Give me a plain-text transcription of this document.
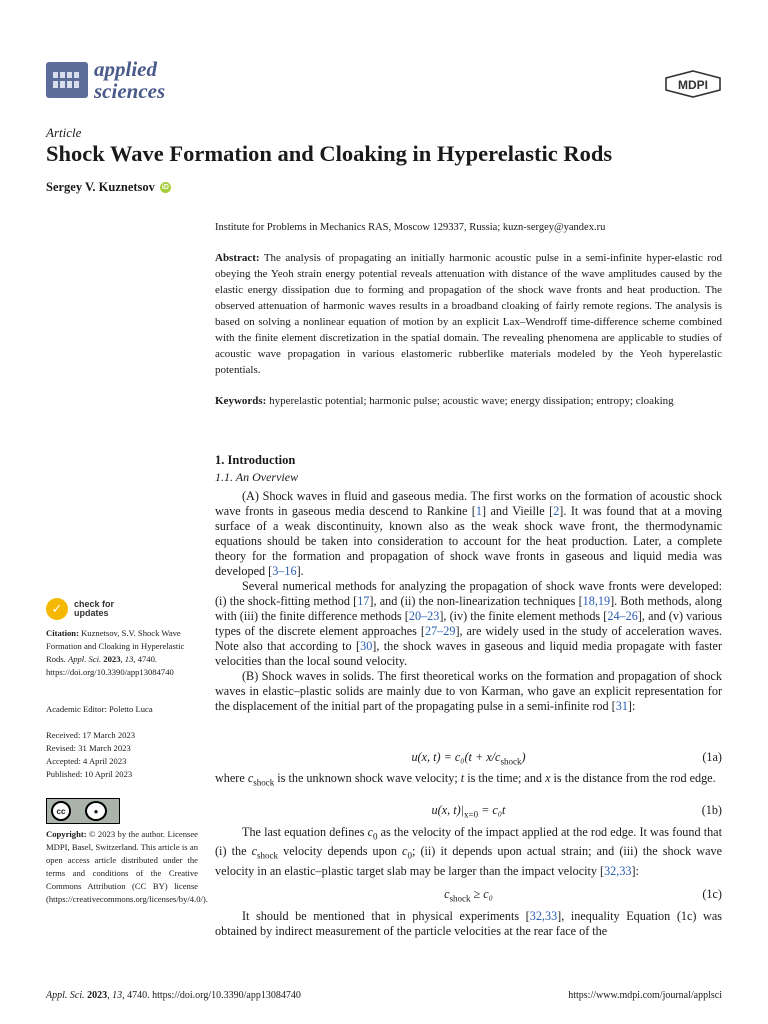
applied
sciences	MDPI
Article
Shock Wave Formation and Cloaking in Hyperelastic Rods
Sergey V. Kuznetsov iD
Institute for Problems in Mechanics RAS, Moscow 129337, Russia; kuzn-sergey@yandex.ru
Abstract: The analysis of propagating an initially harmonic acoustic pulse in a semi-infinite hyper-elastic rod obeying the Yeoh strain energy potential reveals attenuation with distance of the wave amplitudes caused by the elastic energy dissipation due to forming and propagation of the shock wave fronts and heat production. The observed attenuation of harmonic waves results in a broadband cloaking of fairly remote regions. The analysis is based on solving a nonlinear equation of motion by an explicit Lax–Wendroff time-difference scheme combined with the finite element discretization in the spatial domain. The revealing phenomena are applicable to studies of acoustic wave propagation in various elastomeric rubberlike materials modeled by the Yeoh hyperelastic potentials.
Keywords: hyperelastic potential; harmonic pulse; acoustic wave; energy dissipation; entropy; cloaking
1. Introduction
1.1. An Overview

(A) Shock waves in fluid and gaseous media. The first works on the formation of acoustic shock wave fronts in gaseous media descend to Rankine [1] and Vieille [2]. It was found that at a moving surface of a weak discontinuity, known also as the weak shock wave front, the thermodynamic equations should be taken into consideration to account for the heat production. Later, a complete theory for the formation and propagation of shock wave fronts in gaseous and liquid media was developed [3–16].

Several numerical methods for analyzing the propagation of shock wave fronts were developed: (i) the shock-fitting method [17], and (ii) the non-linearization techniques [18,19]. Both methods, along with (iii) the finite difference methods [20–23], (iv) the finite element methods [24–26], and (v) various types of the discrete element approaches [27–29], are widely used in the study of acceleration waves. Note also that according to [30], the shock waves in gaseous and liquid media propagate with faster velocities than the local sound velocity.

(B) Shock waves in solids. The first theoretical works on the formation and propagation of shock waves in elastic–plastic solids are mainly due to von Karman, who gave an explicit representation for the displacement of the initial part of the propagating pulse in a semi-infinite rod [31]:

u(x, $t) = c_0(t + x/c_{shock})$	(1a)

where $c_{shock}$ is the unknown shock wave velocity; t is the time; and x is the distance from the rod edge.

u(x, $t)|_{x=0} = c_0t$	(1b)

The last equation defines $c_0$ as the velocity of the impact applied at the rod edge. It was found that (i) the $c_{shock}$ velocity depends upon $c_0$; (ii) it depends upon actual strain; and (iii) the shock wave velocity in an elastic–plastic target slab may be larger than the impact velocity [32,33]:

$c_{shock} \ge c_0$	(1c)

It should be mentioned that in physical experiments [32,33], inequality Equation (1c) was obtained by indirect measurement of the particle velocities at the rear face of the

✓	check for
updates
Citation: Kuznetsov, S.V. Shock Wave Formation and Cloaking in Hyperelastic Rods. Appl. Sci. 2023, 13, 4740. https://doi.org/10.3390/app13084740
Academic Editor: Poletto Luca
Received: 17 March 2023
Revised: 31 March 2023
Accepted: 4 April 2023
Published: 10 April 2023
cc	●
BY
Copyright: © 2023 by the author. Licensee MDPI, Basel, Switzerland. This article is an open access article distributed under the terms and conditions of the Creative Commons Attribution (CC BY) license (https://creativecommons.org/licenses/by/4.0/).
Appl. Sci. 2023, 13, 4740. https://doi.org/10.3390/app13084740	https://www.mdpi.com/journal/applsci
